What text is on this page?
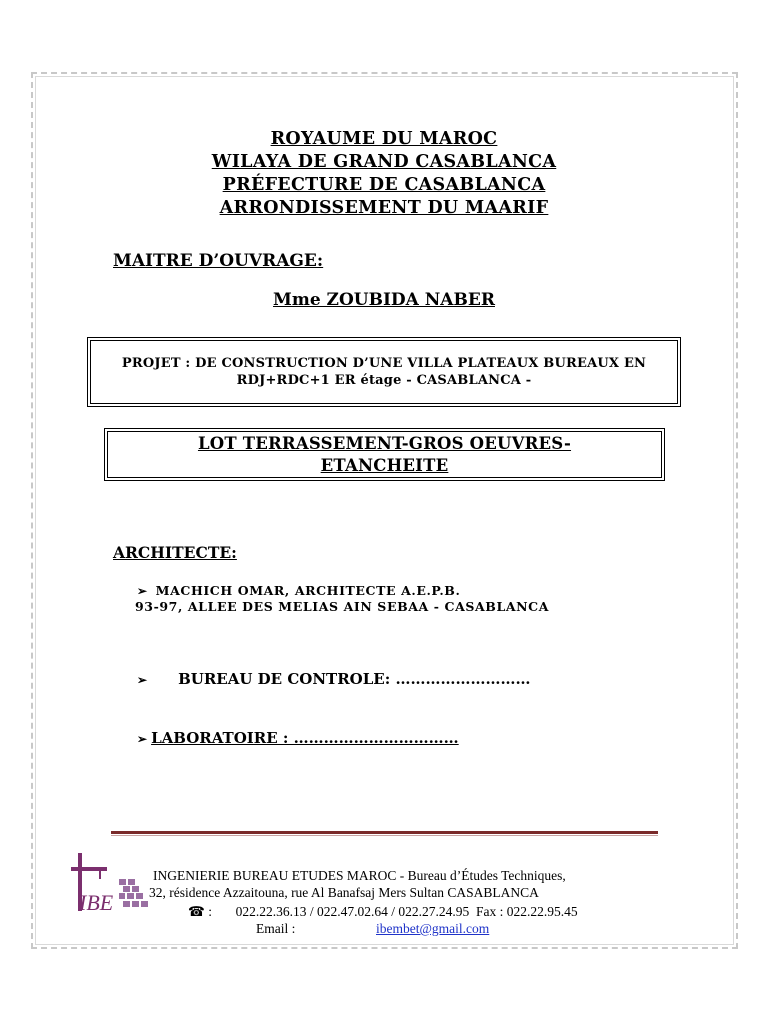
ROYAUME DU MAROC
WILAYA DE GRAND CASABLANCA
PRÉFECTURE DE CASABLANCA
ARRONDISSEMENT DU MAARIF
MAITRE D’OUVRAGE:
Mme ZOUBIDA NABER
PROJET : DE CONSTRUCTION D’UNE VILLA PLATEAUX BUREAUX EN
RDJ+RDC+1 ER étage - CASABLANCA -
LOT TERRASSEMENT-GROS OEUVRES-
ETANCHEITE
ARCHITECTE:
➢ MACHICH OMAR, ARCHITECTE A.E.P.B.
93-97, ALLEE DES MELIAS AIN SEBAA - CASABLANCA
➢ BUREAU DE CONTROLE: ………………………
➢ LABORATOIRE : ……………………………
IBE
INGENIERIE BUREAU ETUDES MAROC - Bureau d’Études Techniques,
32, résidence Azzaitouna, rue Al Banafsaj Mers Sultan CASABLANCA
☎ :       022.22.36.13 / 022.47.02.64 / 022.27.24.95  Fax : 022.22.95.45
Email :	ibembet@gmail.com
